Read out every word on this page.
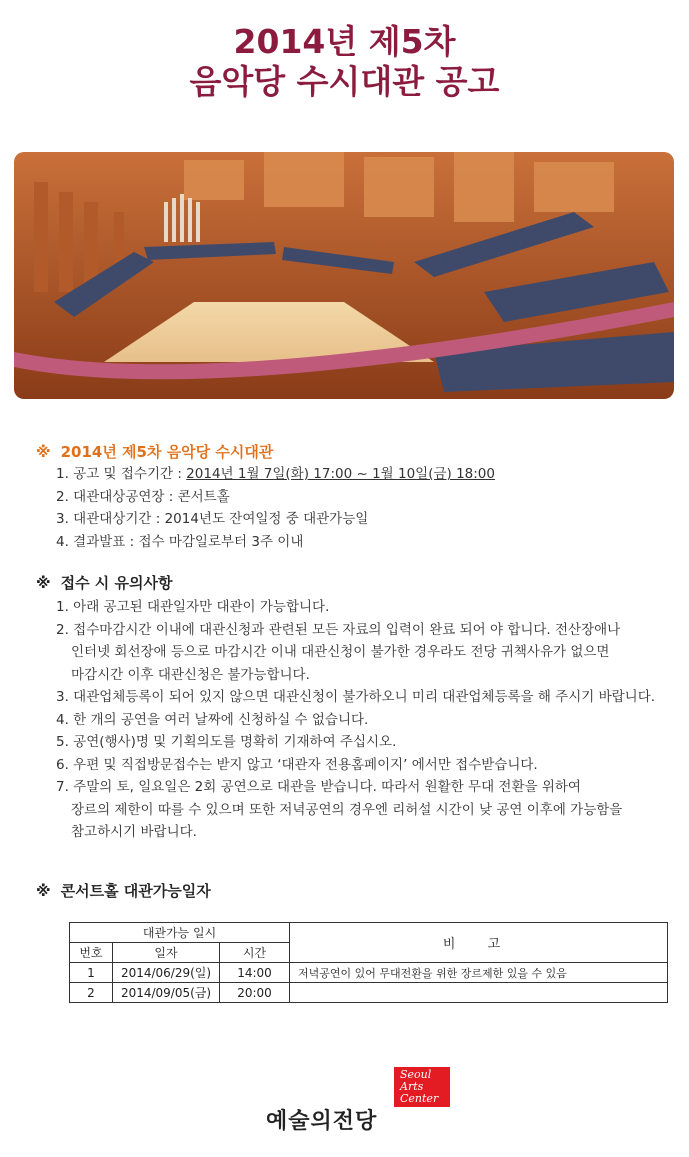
2014년 제5차
음악당 수시대관 공고
※ 2014년 제5차 음악당 수시대관
1. 공고 및 접수기간 : 2014년 1월 7일(화) 17:00 ~ 1월 10일(금) 18:00
2. 대관대상공연장 : 콘서트홀
3. 대관대상기간 : 2014년도 잔여일정 중 대관가능일
4. 결과발표 : 접수 마감일로부터 3주 이내
※ 접수 시 유의사항
1. 아래 공고된 대관일자만 대관이 가능합니다.
2. 접수마감시간 이내에 대관신청과 관련된 모든 자료의 입력이 완료 되어 야 합니다. 전산장애나
인터넷 회선장애 등으로 마감시간 이내 대관신청이 불가한 경우라도 전당 귀책사유가 없으면
마감시간 이후 대관신청은 불가능합니다.
3. 대관업체등록이 되어 있지 않으면 대관신청이 불가하오니 미리 대관업체등록을 해 주시기 바랍니다.
4. 한 개의 공연을 여러 날짜에 신청하실 수 없습니다.
5. 공연(행사)명 및 기획의도를 명확히 기재하여 주십시오.
6. 우편 및 직접방문접수는 받지 않고 ‘대관자 전용홈페이지’ 에서만 접수받습니다.
7. 주말의 토, 일요일은 2회 공연으로 대관을 받습니다. 따라서 원활한 무대 전환을 위하여
장르의 제한이 따를 수 있으며 또한 저녁공연의 경우엔 리허설 시간이 낮 공연 이후에 가능함을
참고하시기 바랍니다.
※ 콘서트홀 대관가능일자
대관가능 일시			비 고
번호	일자	시간	
1	2014/06/29(일)	14:00	저녁공연이 있어 무대전환을 위한 장르제한 있을 수 있음
2	2014/09/05(금)	20:00	
Seoul
Arts
Center
예술의전당
